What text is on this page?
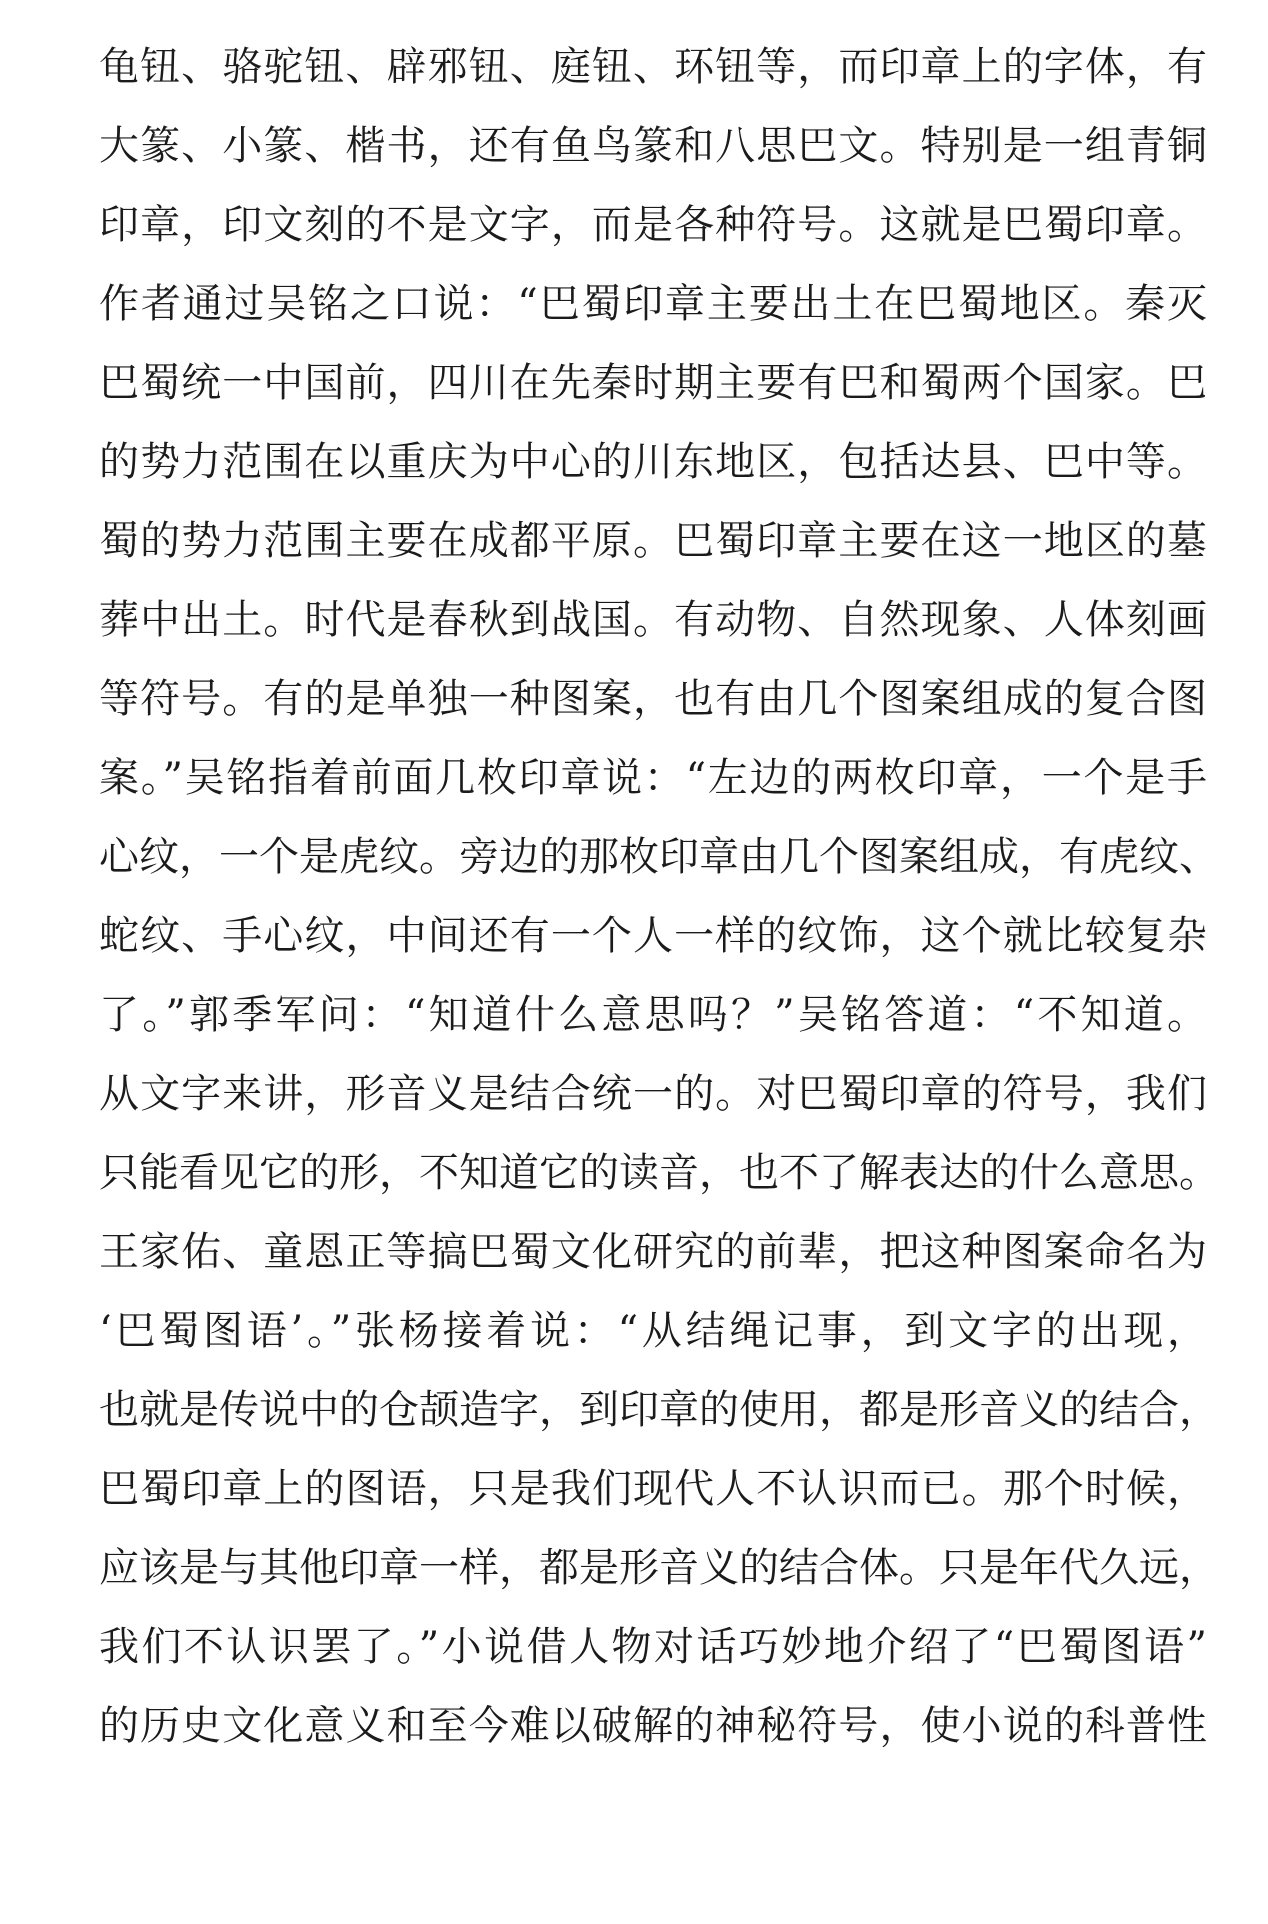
龟钮、骆驼钮、辟邪钮、庭钮、环钮等，而印章上的字体，有
大篆、小篆、楷书，还有鱼鸟篆和八思巴文。特别是一组青铜
印章，印文刻的不是文字，而是各种符号。这就是巴蜀印章。
作者通过吴铭之口说：“巴蜀印章主要出土在巴蜀地区。秦灭
巴蜀统一中国前，四川在先秦时期主要有巴和蜀两个国家。巴
的势力范围在以重庆为中心的川东地区，包括达县、巴中等。
蜀的势力范围主要在成都平原。巴蜀印章主要在这一地区的墓
葬中出土。时代是春秋到战国。有动物、自然现象、人体刻画
等符号。有的是单独一种图案，也有由几个图案组成的复合图
案。”吴铭指着前面几枚印章说：“左边的两枚印章，一个是手
心纹，一个是虎纹。旁边的那枚印章由几个图案组成，有虎纹、
蛇纹、手心纹，中间还有一个人一样的纹饰，这个就比较复杂
了。”郭季军问：“知道什么意思吗？”吴铭答道：“不知道。
从文字来讲，形音义是结合统一的。对巴蜀印章的符号，我们
只能看见它的形，不知道它的读音，也不了解表达的什么意思。
王家佑、童恩正等搞巴蜀文化研究的前辈，把这种图案命名为
‘巴蜀图语’。”张杨接着说：“从结绳记事，到文字的出现，
也就是传说中的仓颉造字，到印章的使用，都是形音义的结合，
巴蜀印章上的图语，只是我们现代人不认识而已。那个时候，
应该是与其他印章一样，都是形音义的结合体。只是年代久远，
我们不认识罢了。”小说借人物对话巧妙地介绍了“巴蜀图语”
的历史文化意义和至今难以破解的神秘符号，使小说的科普性
